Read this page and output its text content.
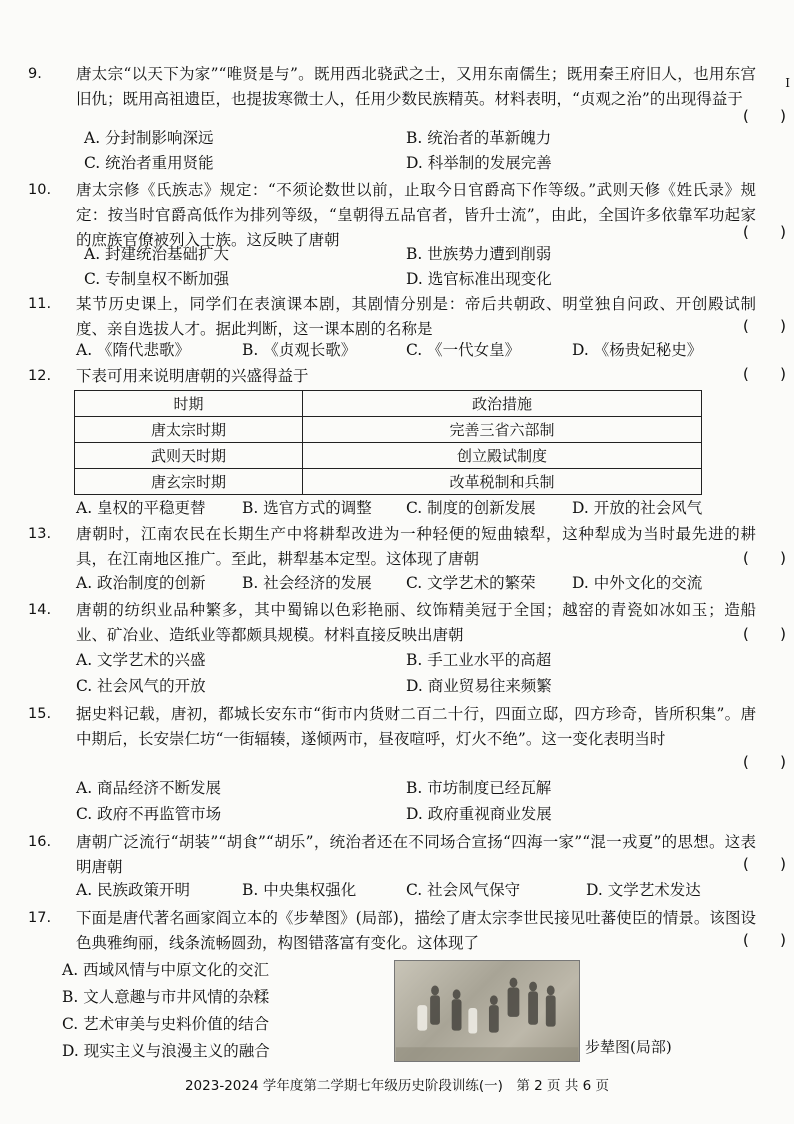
I
9.	唐太宗“以天下为家”“唯贤是与”。既用西北骁武之士，又用东南儒生；既用秦王府旧人，也用东宫旧仇；既用高祖遗臣，也提拔寒微士人，任用少数民族精英。材料表明，“贞观之治”的出现得益于
(　　)
A. 分封制影响深远	B. 统治者的革新魄力
C. 统治者重用贤能	D. 科举制的发展完善
10.	唐太宗修《氏族志》规定：“不须论数世以前，止取今日官爵高下作等级。”武则天修《姓氏录》规定：按当时官爵高低作为排列等级，“皇朝得五品官者，皆升士流”，由此，全国许多依靠军功起家的庶族官僚被列入士族。这反映了唐朝	(　　)
A. 封建统治基础扩大	B. 世族势力遭到削弱
C. 专制皇权不断加强	D. 选官标准出现变化
11.	某节历史课上，同学们在表演课本剧，其剧情分别是：帝后共朝政、明堂独自问政、开创殿试制度、亲自选拔人才。据此判断，这一课本剧的名称是	(　　)
A. 《隋代悲歌》	B. 《贞观长歌》	C. 《一代女皇》	D. 《杨贵妃秘史》
12.	下表可用来说明唐朝的兴盛得益于	(　　)
时期	政治措施
唐太宗时期	完善三省六部制
武则天时期	创立殿试制度
唐玄宗时期	改革税制和兵制
A. 皇权的平稳更替 B. 选官方式的调整 C. 制度的创新发展 D. 开放的社会风气
13.	唐朝时，江南农民在长期生产中将耕犁改进为一种轻便的短曲辕犁，这种犁成为当时最先进的耕具，在江南地区推广。至此，耕犁基本定型。这体现了唐朝	(　　)
A. 政治制度的创新 B. 社会经济的发展 C. 文学艺术的繁荣 D. 中外文化的交流
14.	唐朝的纺织业品种繁多，其中蜀锦以色彩艳丽、纹饰精美冠于全国；越窑的青瓷如冰如玉；造船业、矿冶业、造纸业等都颇具规模。材料直接反映出唐朝	(　　)
A. 文学艺术的兴盛	B. 手工业水平的高超
C. 社会风气的开放	D. 商业贸易往来频繁
15.	据史料记载，唐初，都城长安东市“街市内货财二百二十行，四面立邸，四方珍奇，皆所积集”。唐中期后，长安崇仁坊“一街辐辏，遂倾两市，昼夜喧呼，灯火不绝”。这一变化表明当时
(　　)
A. 商品经济不断发展	B. 市坊制度已经瓦解
C. 政府不再监管市场	D. 政府重视商业发展
16.	唐朝广泛流行“胡装”“胡食”“胡乐”，统治者还在不同场合宣扬“四海一家”“混一戎夏”的思想。这表明唐朝	(　　)
A. 民族政策开明	B. 中央集权强化	C. 社会风气保守	D. 文学艺术发达
17.	下面是唐代著名画家阎立本的《步辇图》(局部)，描绘了唐太宗李世民接见吐蕃使臣的情景。该图设色典雅绚丽，线条流畅圆劲，构图错落富有变化。这体现了	(　　)
A. 西域风情与中原文化的交汇
B. 文人意趣与市井风情的杂糅
C. 艺术审美与史料价值的结合
D. 现实主义与浪漫主义的融合	步辇图(局部)
2023-2024 学年度第二学期七年级历史阶段训练(一)　第 2 页 共 6 页
